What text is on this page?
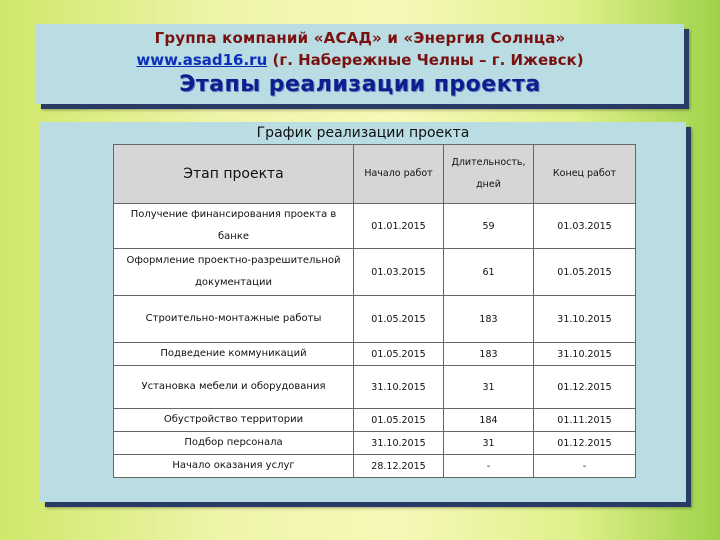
Группа компаний «АСАД» и «Энергия Солнца»
www.asad16.ru (г. Набережные Челны – г. Ижевск)
Этапы реализации проекта
График реализации проекта
Этап проекта	Начало работ	Длительность, дней	Конец работ
Получение финансирования проекта в банке	01.01.2015	59	01.03.2015
Оформление проектно-разрешительной документации	01.03.2015	61	01.05.2015
Строительно-монтажные работы	01.05.2015	183	31.10.2015
Подведение коммуникаций	01.05.2015	183	31.10.2015
Установка мебели и оборудования	31.10.2015	31	01.12.2015
Обустройство территории	01.05.2015	184	01.11.2015
Подбор персонала	31.10.2015	31	01.12.2015
Начало оказания услуг	28.12.2015	-	-
